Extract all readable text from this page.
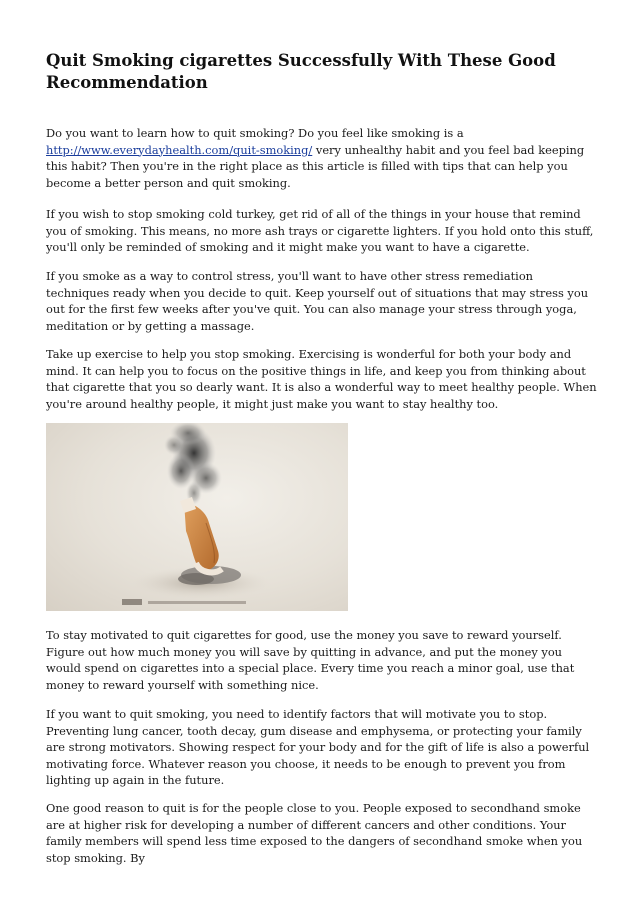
Quit Smoking cigarettes Successfully With These Good Recommendation
Do you want to learn how to quit smoking? Do you feel like smoking is a http://www.everydayhealth.com/quit-smoking/ very unhealthy habit and you feel bad keeping this habit? Then you're in the right place as this article is filled with tips that can help you become a better person and quit smoking.
If you wish to stop smoking cold turkey, get rid of all of the things in your house that remind you of smoking. This means, no more ash trays or cigarette lighters. If you hold onto this stuff, you'll only be reminded of smoking and it might make you want to have a cigarette.
If you smoke as a way to control stress, you'll want to have other stress remediation techniques ready when you decide to quit. Keep yourself out of situations that may stress you out for the first few weeks after you've quit. You can also manage your stress through yoga, meditation or by getting a massage.
Take up exercise to help you stop smoking. Exercising is wonderful for both your body and mind. It can help you to focus on the positive things in life, and keep you from thinking about that cigarette that you so dearly want. It is also a wonderful way to meet healthy people. When you're around healthy people, it might just make you want to stay healthy too.
To stay motivated to quit cigarettes for good, use the money you save to reward yourself. Figure out how much money you will save by quitting in advance, and put the money you would spend on cigarettes into a special place. Every time you reach a minor goal, use that money to reward yourself with something nice.
If you want to quit smoking, you need to identify factors that will motivate you to stop. Preventing lung cancer, tooth decay, gum disease and emphysema, or protecting your family are strong motivators. Showing respect for your body and for the gift of life is also a powerful motivating force. Whatever reason you choose, it needs to be enough to prevent you from lighting up again in the future.
One good reason to quit is for the people close to you. People exposed to secondhand smoke are at higher risk for developing a number of different cancers and other conditions. Your family members will spend less time exposed to the dangers of secondhand smoke when you stop smoking. By
